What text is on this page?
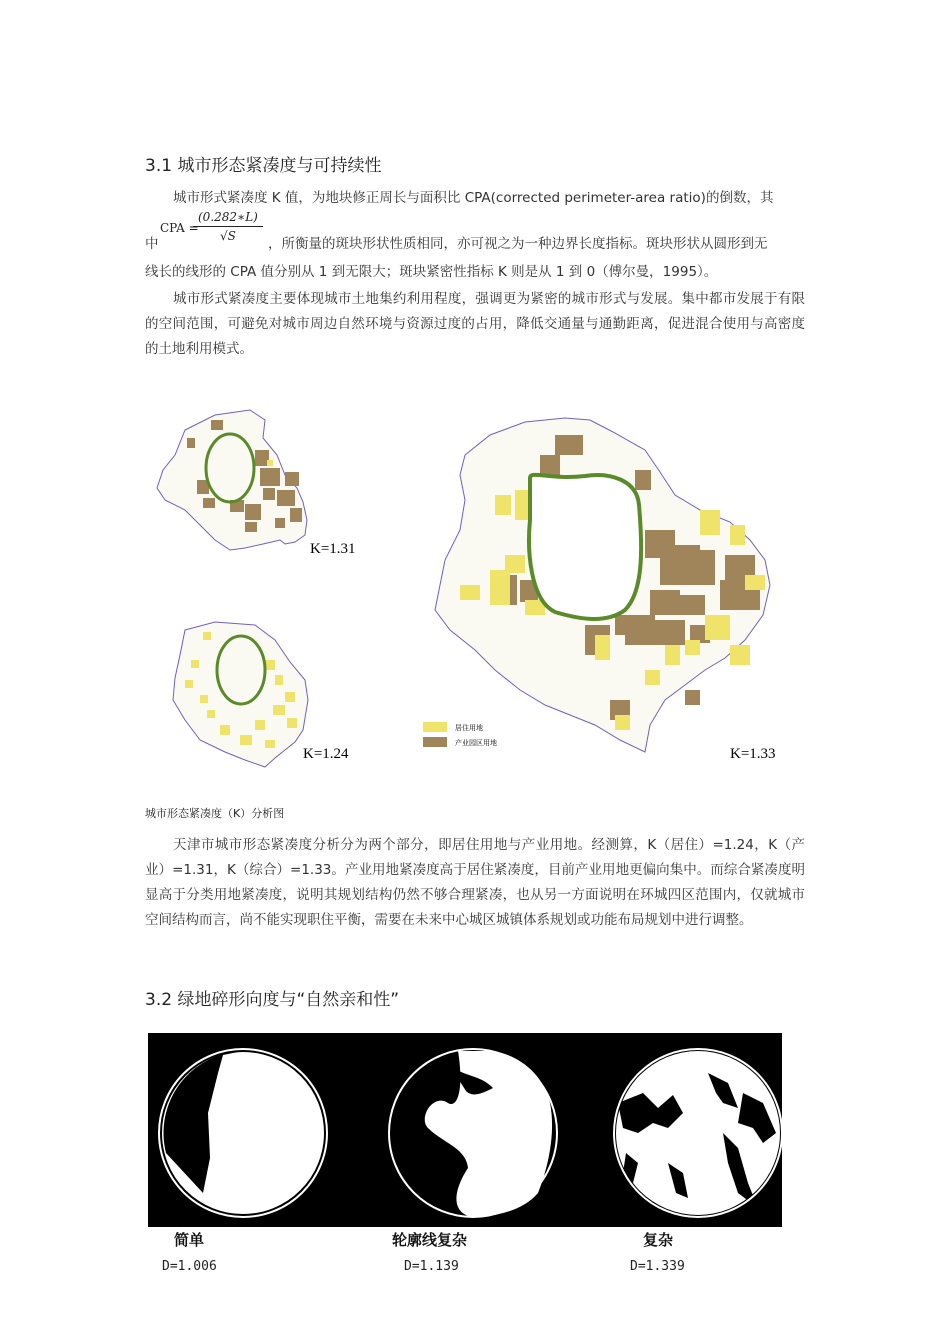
3.1 城市形态紧凑度与可持续性
城市形式紧凑度 K 值，为地块修正周长与面积比 CPA(corrected perimeter-area ratio)的倒数，其
中
CPA =
(0.282∗L)
√S ，所衡量的斑块形状性质相同，亦可视之为一种边界长度指标。斑块形状从圆形到无
线长的线形的 CPA 值分别从 1 到无限大；斑块紧密性指标 K 则是从 1 到 0（傅尔曼，1995）。
城市形式紧凑度主要体现城市土地集约利用程度，强调更为紧密的城市形式与发展。集中都市发展于有限的空间范围，可避免对城市周边自然环境与资源过度的占用，降低交通量与通勤距离，促进混合使用与高密度的土地利用模式。
K=1.31
K=1.24	K=1.33
居住用地
产业园区用地
城市形态紧凑度（K）分析图
天津市城市形态紧凑度分析分为两个部分，即居住用地与产业用地。经测算，K（居住）=1.24，K（产业）=1.31，K（综合）=1.33。产业用地紧凑度高于居住紧凑度，目前产业用地更偏向集中。而综合紧凑度明显高于分类用地紧凑度，说明其规划结构仍然不够合理紧凑，也从另一方面说明在环城四区范围内，仅就城市空间结构而言，尚不能实现职住平衡，需要在未来中心城区城镇体系规划或功能布局规划中进行调整。
3.2 绿地碎形向度与“自然亲和性”
简单	轮廓线复杂	复杂
D=1.006	D=1.139	D=1.339
